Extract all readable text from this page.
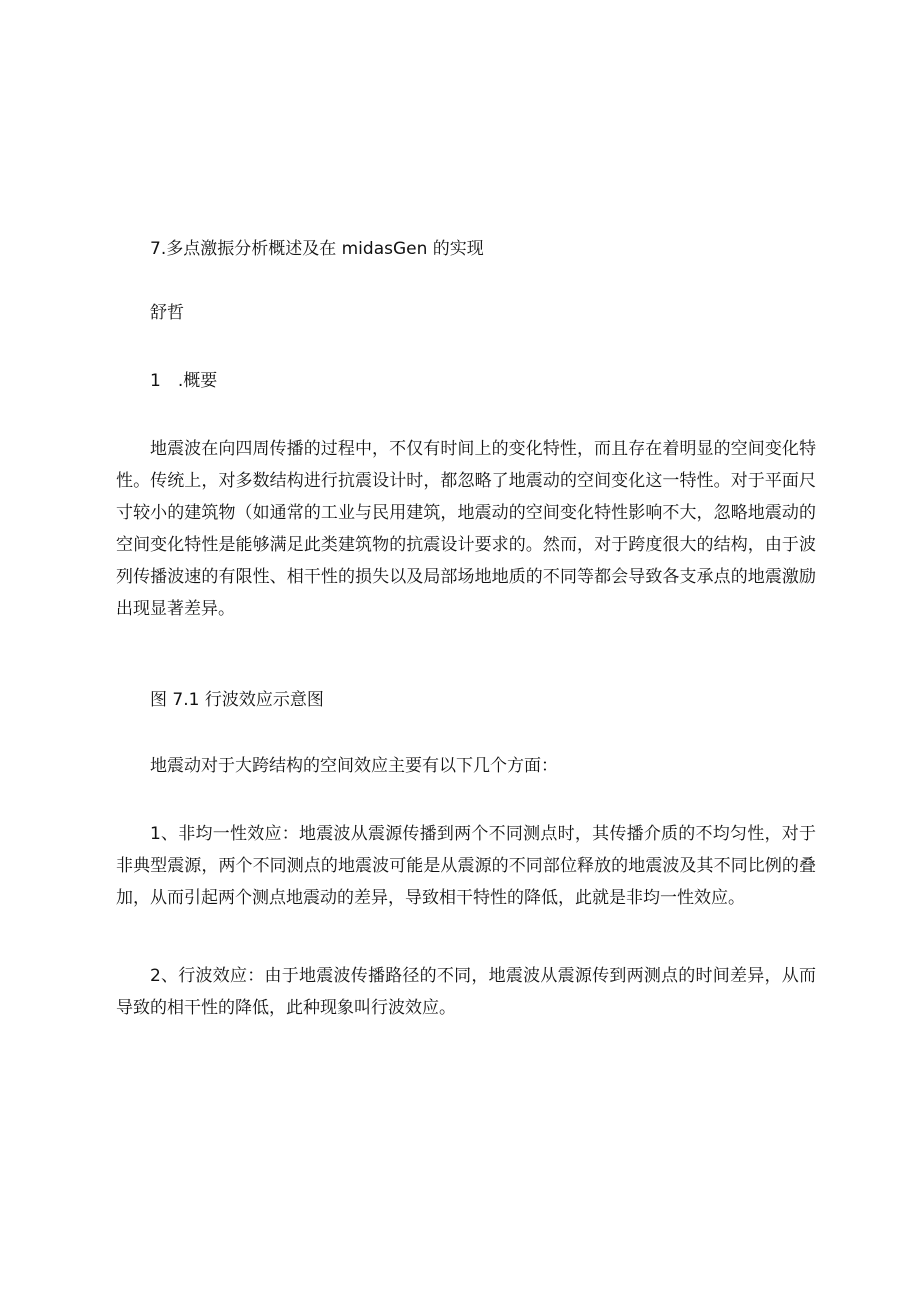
7.多点激振分析概述及在 midasGen 的实现
舒哲
1　.概要
地震波在向四周传播的过程中，不仅有时间上的变化特性，而且存在着明显的空间变化特性。传统上，对多数结构进行抗震设计时，都忽略了地震动的空间变化这一特性。对于平面尺寸较小的建筑物（如通常的工业与民用建筑，地震动的空间变化特性影响不大，忽略地震动的空间变化特性是能够满足此类建筑物的抗震设计要求的。然而，对于跨度很大的结构，由于波列传播波速的有限性、相干性的损失以及局部场地地质的不同等都会导致各支承点的地震激励出现显著差异。
图 7.1 行波效应示意图
地震动对于大跨结构的空间效应主要有以下几个方面：
1、非均一性效应：地震波从震源传播到两个不同测点时，其传播介质的不均匀性，对于非典型震源，两个不同测点的地震波可能是从震源的不同部位释放的地震波及其不同比例的叠加，从而引起两个测点地震动的差异，导致相干特性的降低，此就是非均一性效应。
2、行波效应：由于地震波传播路径的不同，地震波从震源传到两测点的时间差异，从而导致的相干性的降低，此种现象叫行波效应。
